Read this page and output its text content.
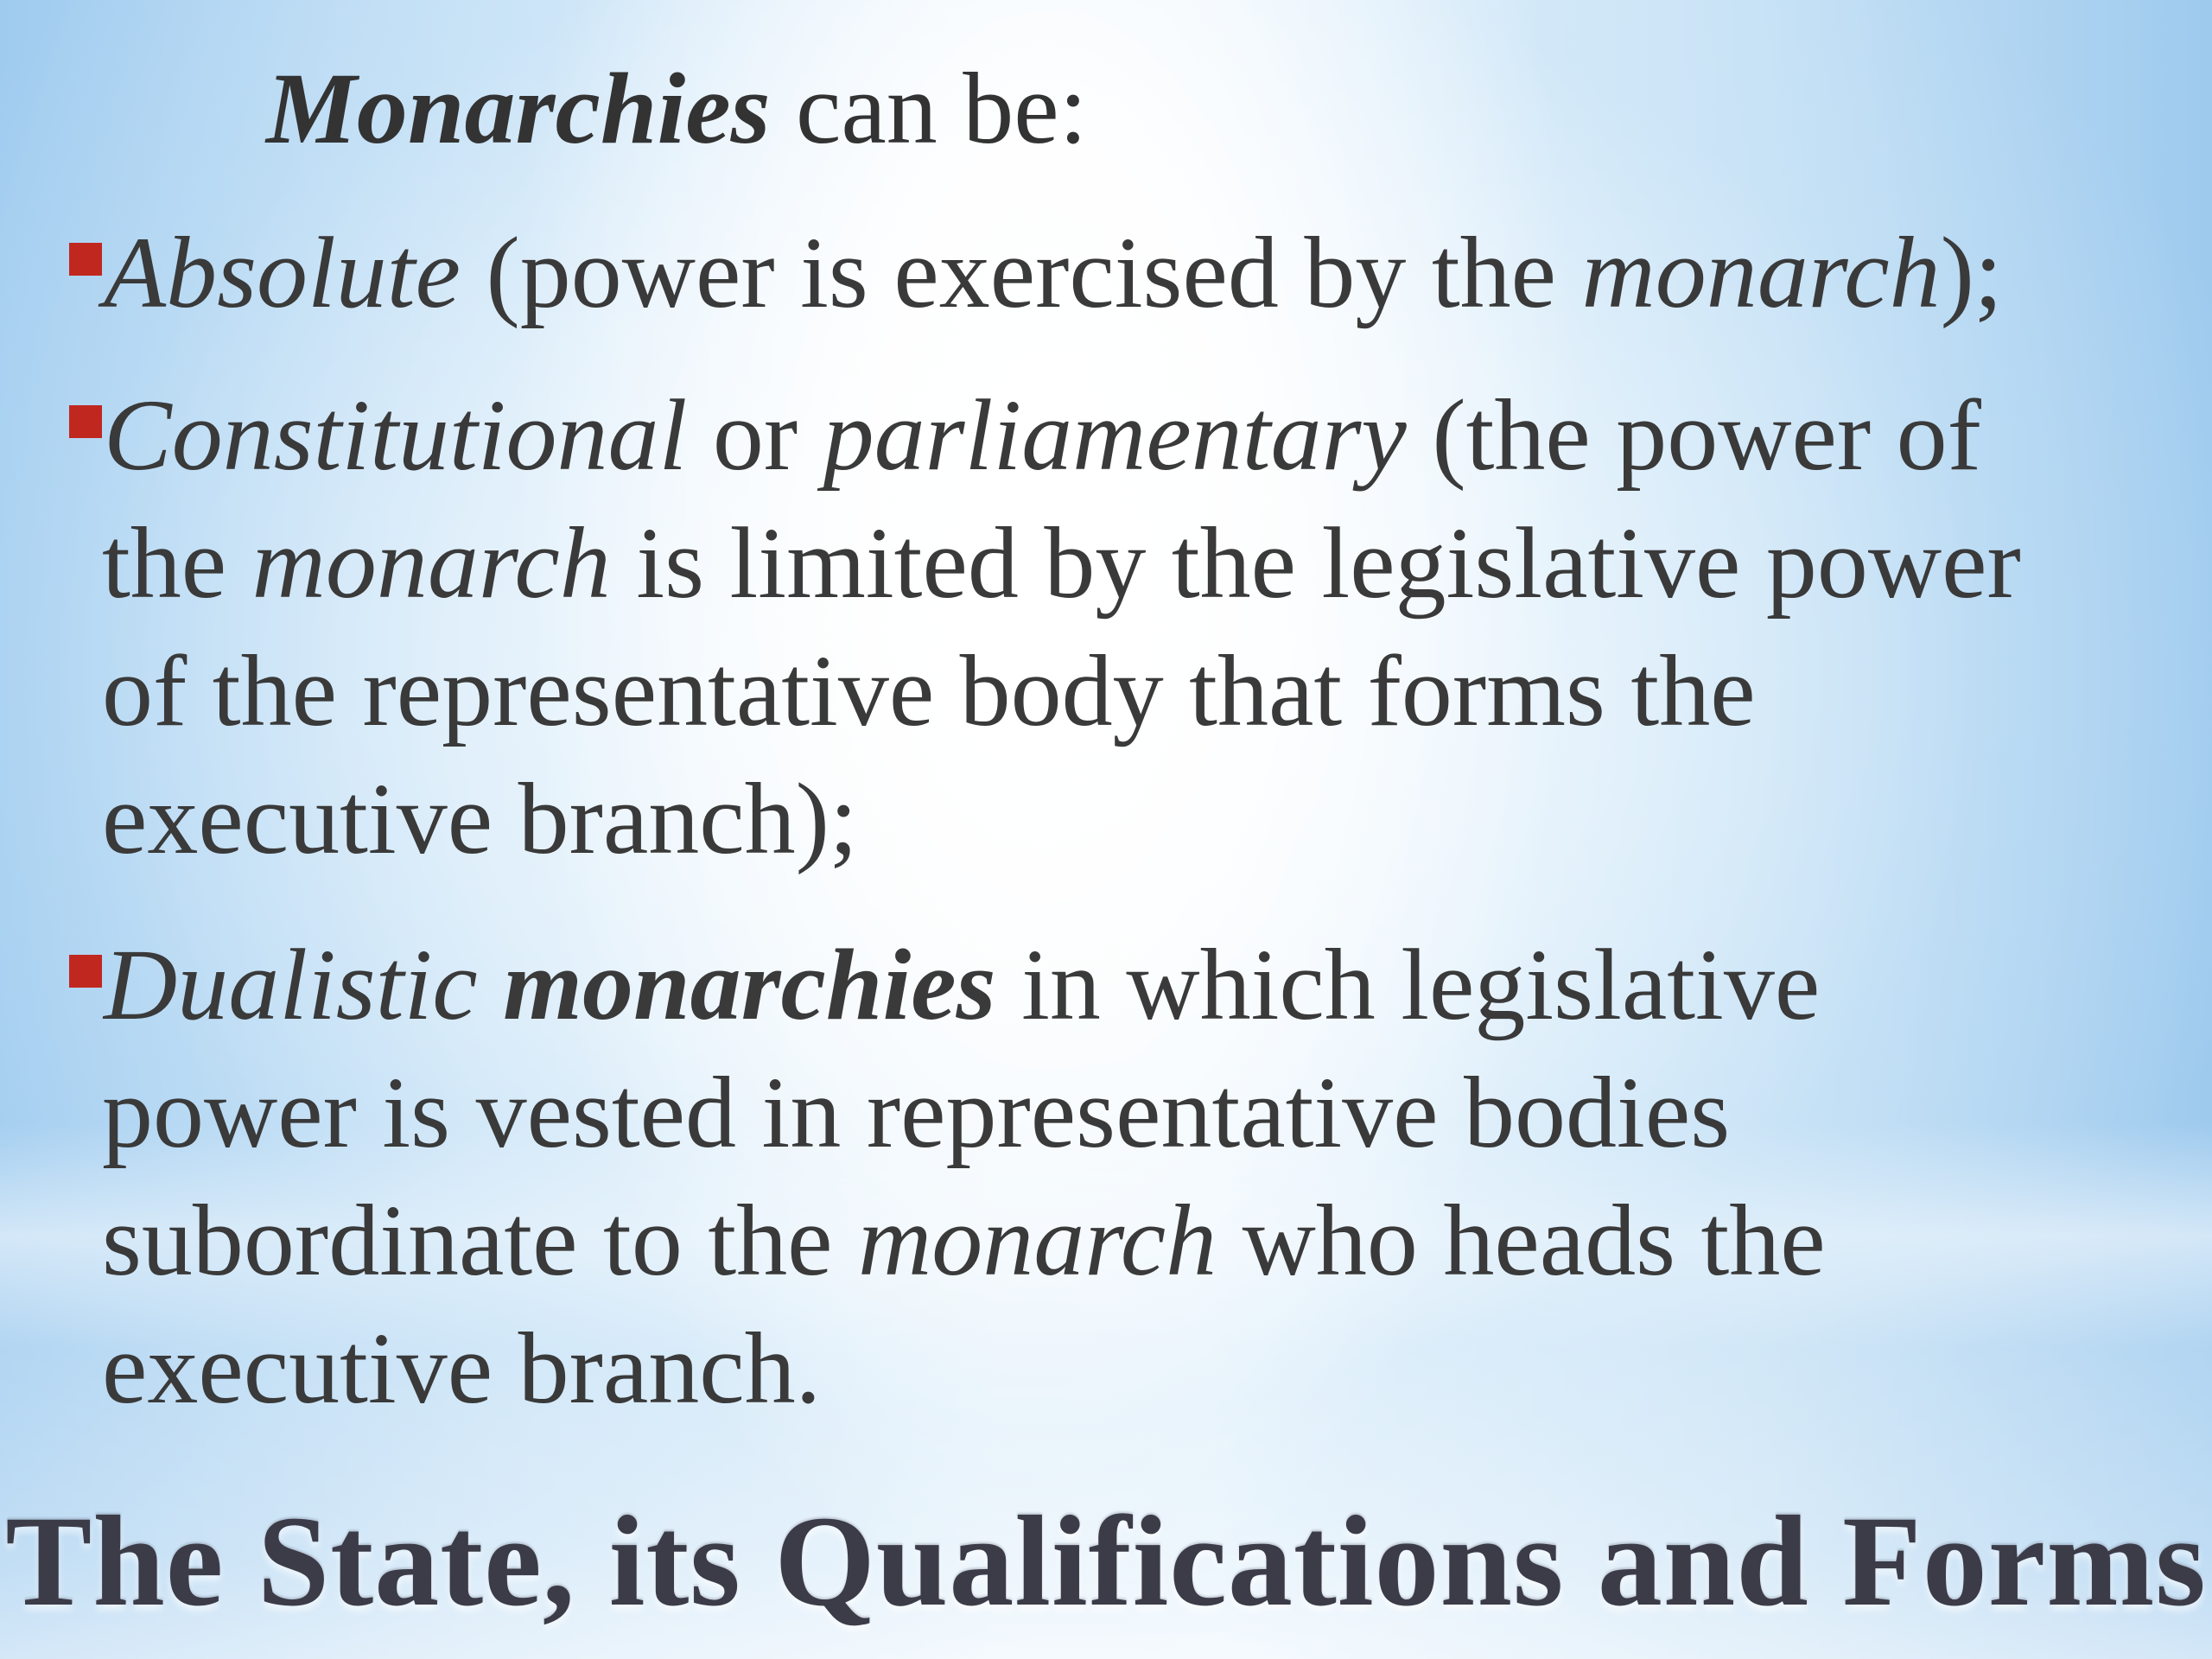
Monarchies can be:
Absolute (power is exercised by the monarch);
Constitutional or parliamentary (the power of
the monarch is limited by the legislative power
of the representative body that forms the
executive branch);
Dualistic monarchies in which legislative
power is vested in representative bodies
subordinate to the monarch who heads the
executive branch.
The State, its Qualifications and Forms
